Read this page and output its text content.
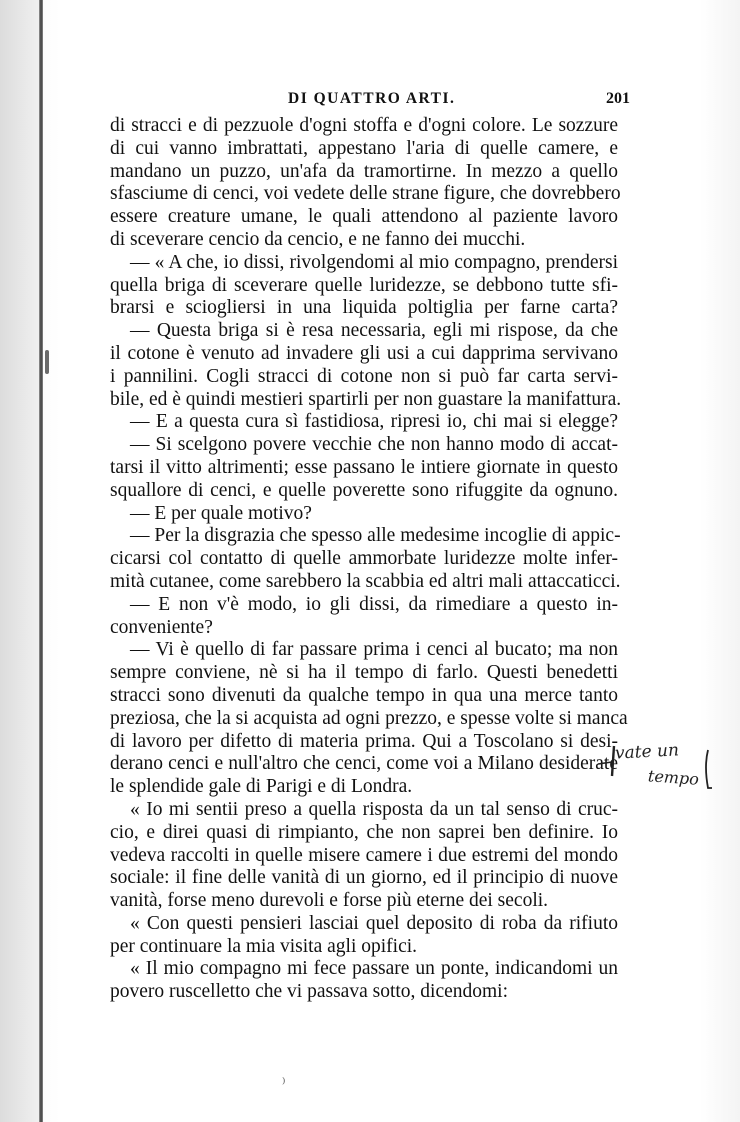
DI QUATTRO ARTI.	201
di stracci e di pezzuole d'ogni stoffa e d'ogni colore. Le sozzure
di cui vanno imbrattati, appestano l'aria di quelle camere, e
mandano un puzzo, un'afa da tramortirne. In mezzo a quello
sfasciume di cenci, voi vedete delle strane figure, che dovrebbero
essere creature umane, le quali attendono al paziente lavoro
di sceverare cencio da cencio, e ne fanno dei mucchi.
— « A che, io dissi, rivolgendomi al mio compagno, prendersi
quella briga di sceverare quelle luridezze, se debbono tutte sfi-
brarsi e sciogliersi in una liquida poltiglia per farne carta?
— Questa briga si è resa necessaria, egli mi rispose, da che
il cotone è venuto ad invadere gli usi a cui dapprima servivano
i pannilini. Cogli stracci di cotone non si può far carta servi-
bile, ed è quindi mestieri spartirli per non guastare la manifattura.
— E a questa cura sì fastidiosa, ripresi io, chi mai si elegge?
— Si scelgono povere vecchie che non hanno modo di accat-
tarsi il vitto altrimenti; esse passano le intiere giornate in questo
squallore di cenci, e quelle poverette sono rifuggite da ognuno.
— E per quale motivo?
— Per la disgrazia che spesso alle medesime incoglie di appic-
cicarsi col contatto di quelle ammorbate luridezze molte infer-
mità cutanee, come sarebbero la scabbia ed altri mali attaccaticci.
— E non v'è modo, io gli dissi, da rimediare a questo in-
conveniente?
— Vi è quello di far passare prima i cenci al bucato; ma non
sempre conviene, nè si ha il tempo di farlo. Questi benedetti
stracci sono divenuti da qualche tempo in qua una merce tanto
preziosa, che la si acquista ad ogni prezzo, e spesse volte si manca
di lavoro per difetto di materia prima. Qui a Toscolano si desi-
derano cenci e null'altro che cenci, come voi a Milano desiderate
le splendide gale di Parigi e di Londra.
« Io mi sentii preso a quella risposta da un tal senso di cruc-
cio, e direi quasi di rimpianto, che non saprei ben definire. Io
vedeva raccolti in quelle misere camere i due estremi del mondo
sociale: il fine delle vanità di un giorno, ed il principio di nuove
vanità, forse meno durevoli e forse più eterne dei secoli.
« Con questi pensieri lasciai quel deposito di roba da rifiuto
per continuare la mia visita agli opifici.
« Il mio compagno mi fece passare un ponte, indicandomi un
povero ruscelletto che vi passava sotto, dicendomi:
vate un
tempo
⁾
